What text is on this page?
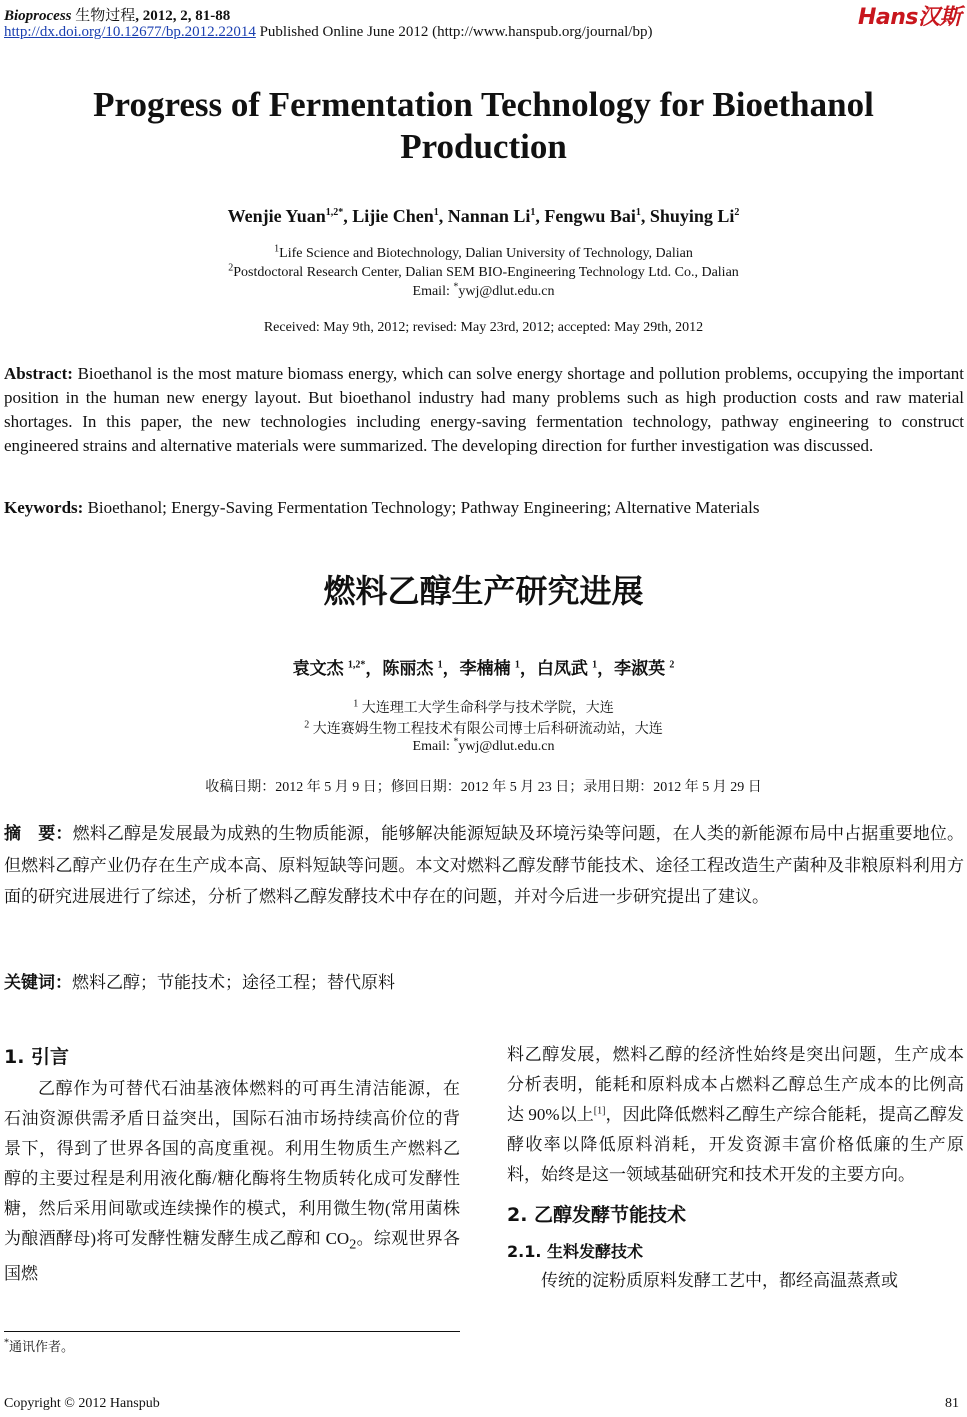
Bioprocess 生物过程, 2012, 2, 81-88
http://dx.doi.org/10.12677/bp.2012.22014 Published Online June 2012 (http://www.hanspub.org/journal/bp)
Hans汉斯
Progress of Fermentation Technology for Bioethanol Production
Wenjie Yuan$^{1,2*}$, Lijie Chen$^1$, Nannan Li$^1$, Fengwu Bai$^1$, Shuying Li$^2$
$^1$Life Science and Biotechnology, Dalian University of Technology, Dalian
$^2$Postdoctoral Research Center, Dalian SEM BIO-Engineering Technology Ltd. Co., Dalian
Email: *ywj@dlut.edu.cn
Received: May 9th, 2012; revised: May 23rd, 2012; accepted: May 29th, 2012
Abstract: Bioethanol is the most mature biomass energy, which can solve energy shortage and pollution problems, occupying the important position in the human new energy layout. But bioethanol industry had many problems such as high production costs and raw material shortages. In this paper, the new technologies including energy-saving fermentation technology, pathway engineering to construct engineered strains and alternative materials were summarized. The developing direction for further investigation was discussed.
Keywords: Bioethanol; Energy-Saving Fermentation Technology; Pathway Engineering; Alternative Materials
燃料乙醇生产研究进展
袁文杰 $^{1,2*}$，陈丽杰 $^1$，李楠楠 $^1$，白凤武 $^1$，李淑英 $^2$
$^1$ 大连理工大学生命科学与技术学院，大连
$^2$ 大连赛姆生物工程技术有限公司博士后科研流动站，大连
Email: *ywj@dlut.edu.cn
收稿日期：2012 年 5 月 9 日；修回日期：2012 年 5 月 23 日；录用日期：2012 年 5 月 29 日
摘　要：燃料乙醇是发展最为成熟的生物质能源，能够解决能源短缺及环境污染等问题，在人类的新能源布局中占据重要地位。但燃料乙醇产业仍存在生产成本高、原料短缺等问题。本文对燃料乙醇发酵节能技术、途径工程改造生产菌种及非粮原料利用方面的研究进展进行了综述，分析了燃料乙醇发酵技术中存在的问题，并对今后进一步研究提出了建议。
关键词：燃料乙醇；节能技术；途径工程；替代原料

1. 引言

乙醇作为可替代石油基液体燃料的可再生清洁能源，在石油资源供需矛盾日益突出，国际石油市场持续高价位的背景下，得到了世界各国的高度重视。利用生物质生产燃料乙醇的主要过程是利用液化酶/糖化酶将生物质转化成可发酵性糖，然后采用间歇或连续操作的模式，利用微生物(常用菌株为酿酒酵母)将可发酵性糖发酵生成乙醇和 $CO_2$。综观世界各国燃

料乙醇发展，燃料乙醇的经济性始终是突出问题，生产成本分析表明，能耗和原料成本占燃料乙醇总生产成本的比例高达 90%以上[1]，因此降低燃料乙醇生产综合能耗，提高乙醇发酵收率以降低原料消耗，开发资源丰富价格低廉的生产原料，始终是这一领域基础研究和技术开发的主要方向。

2. 乙醇发酵节能技术

2.1. 生料发酵技术

传统的淀粉质原料发酵工艺中，都经高温蒸煮或

*通讯作者。
Copyright © 2012 Hanspub	81
